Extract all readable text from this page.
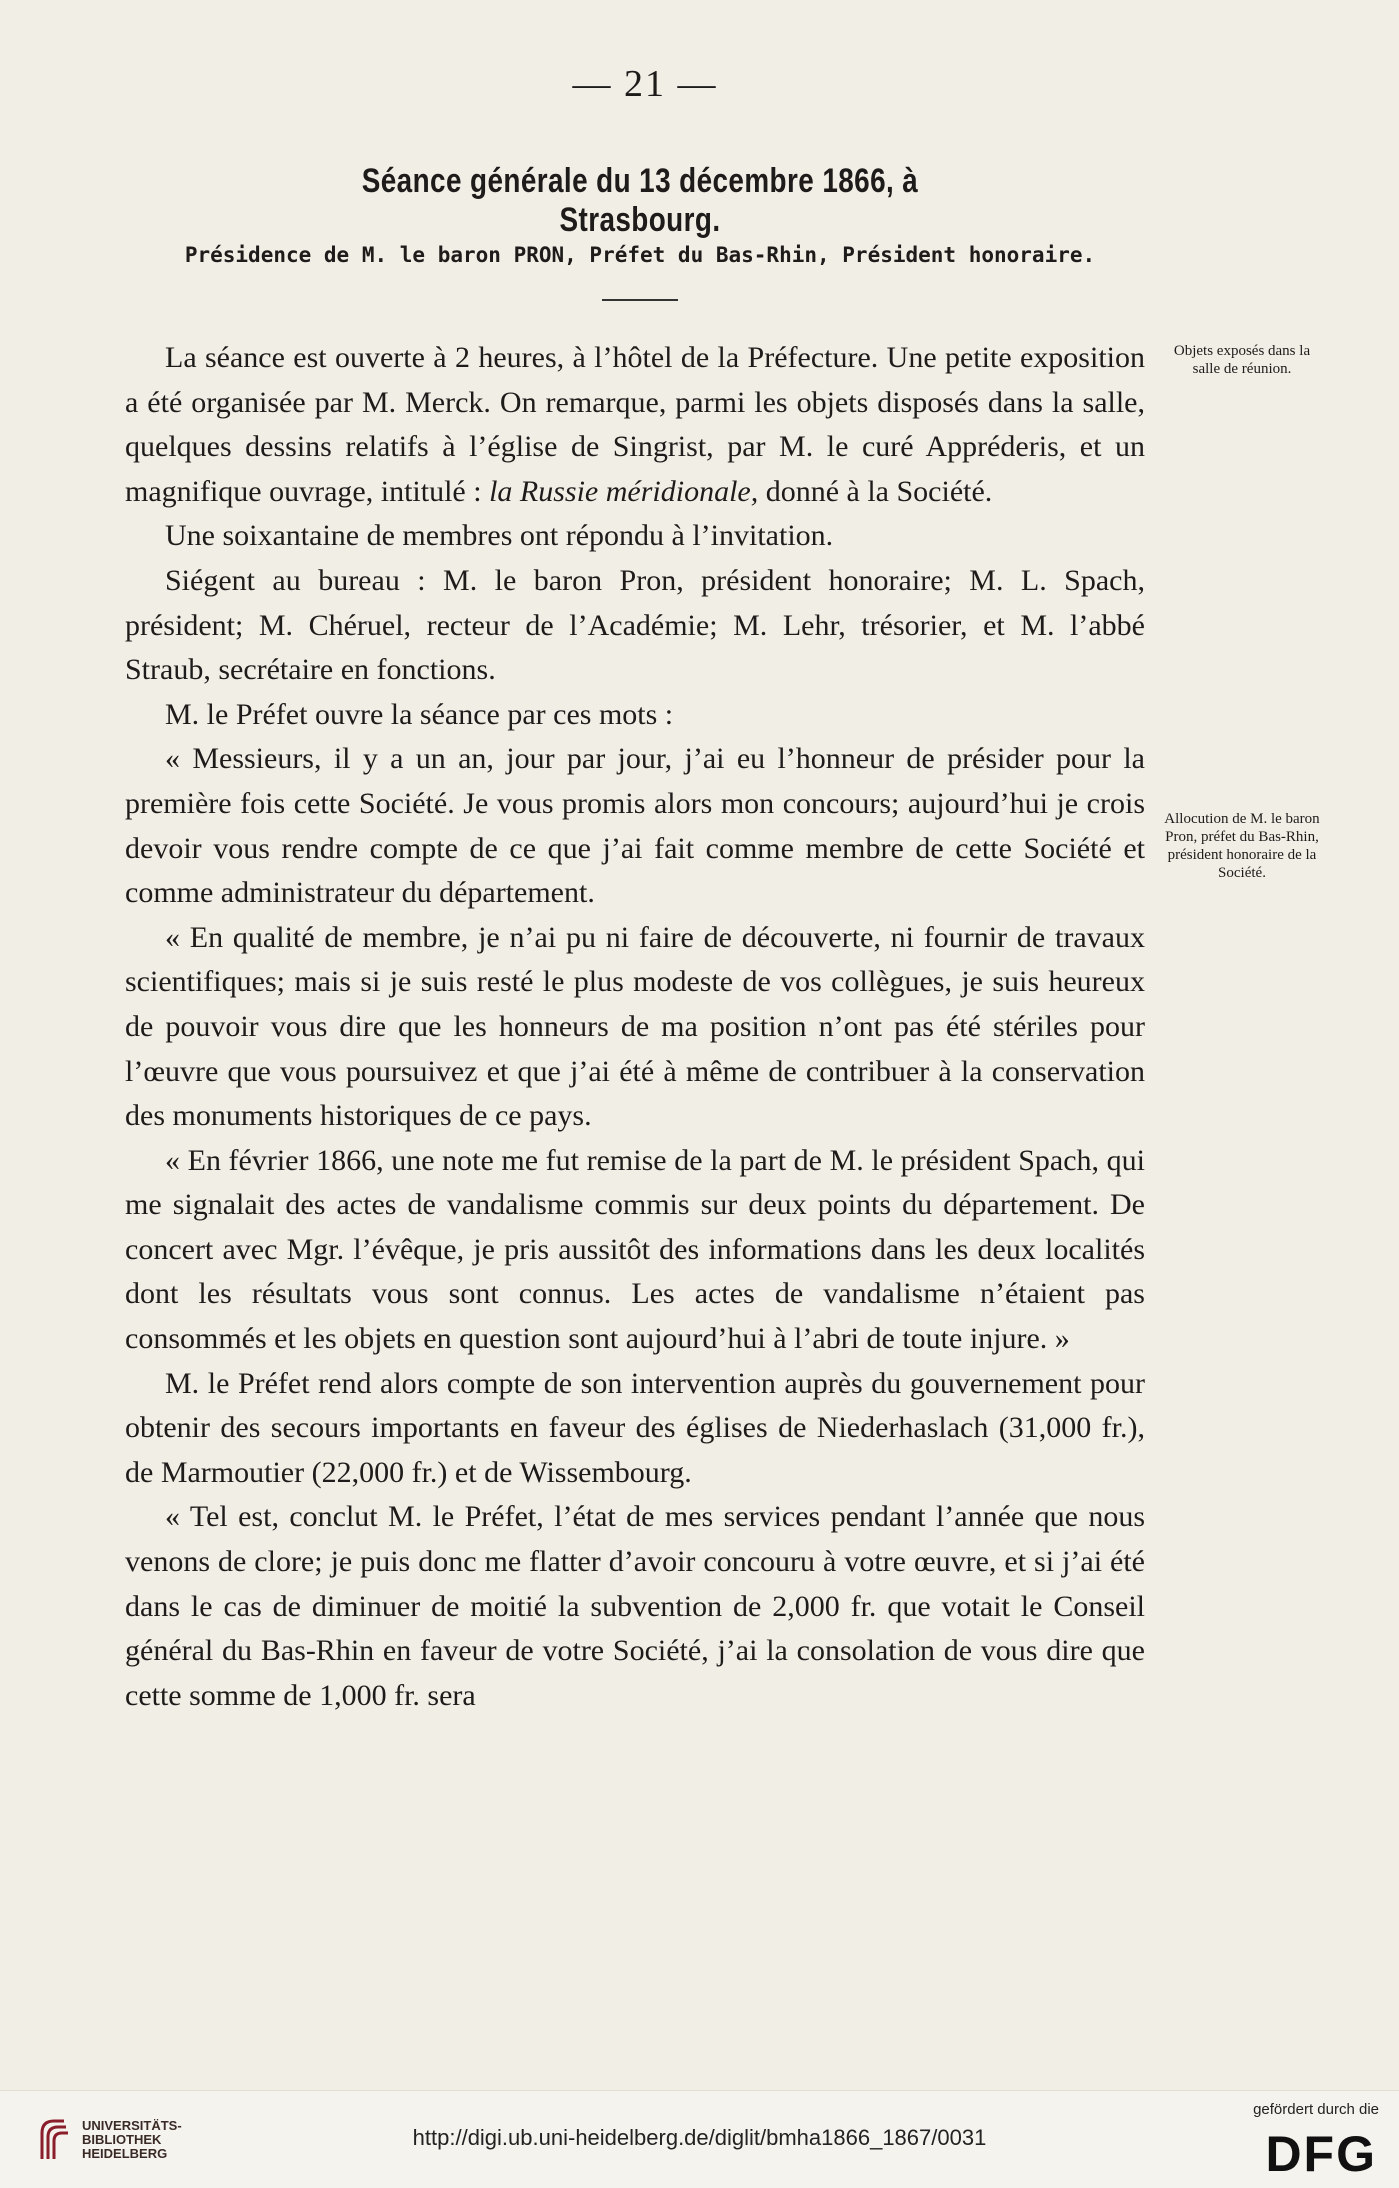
— 21 —
Séance générale du 13 décembre 1866, à Strasbourg.
Présidence de M. le baron PRON, Préfet du Bas-Rhin, Président honoraire.

La séance est ouverte à 2 heures, à l’hôtel de la Préfecture. Une petite exposition a été organisée par M. Merck. On remarque, parmi les objets disposés dans la salle, quelques dessins relatifs à l’église de Singrist, par M. le curé Appréderis, et un magnifique ouvrage, intitulé : la Russie méridionale, donné à la Société.

Une soixantaine de membres ont répondu à l’invitation.

Siégent au bureau : M. le baron Pron, président honoraire; M. L. Spach, président; M. Chéruel, recteur de l’Académie; M. Lehr, trésorier, et M. l’abbé Straub, secrétaire en fonctions.

M. le Préfet ouvre la séance par ces mots :

« Messieurs, il y a un an, jour par jour, j’ai eu l’honneur de présider pour la première fois cette Société. Je vous promis alors mon concours; aujourd’hui je crois devoir vous rendre compte de ce que j’ai fait comme membre de cette Société et comme administrateur du département.

« En qualité de membre, je n’ai pu ni faire de découverte, ni fournir de travaux scientifiques; mais si je suis resté le plus modeste de vos collègues, je suis heureux de pouvoir vous dire que les honneurs de ma position n’ont pas été stériles pour l’œuvre que vous poursuivez et que j’ai été à même de contribuer à la conservation des monuments historiques de ce pays.

« En février 1866, une note me fut remise de la part de M. le président Spach, qui me signalait des actes de vandalisme commis sur deux points du département. De concert avec Mgr. l’évêque, je pris aussitôt des informations dans les deux localités dont les résultats vous sont connus. Les actes de vandalisme n’étaient pas consommés et les objets en question sont aujourd’hui à l’abri de toute injure. »

M. le Préfet rend alors compte de son intervention auprès du gouvernement pour obtenir des secours importants en faveur des églises de Niederhaslach (31,000 fr.), de Marmoutier (22,000 fr.) et de Wissembourg.

« Tel est, conclut M. le Préfet, l’état de mes services pendant l’année que nous venons de clore; je puis donc me flatter d’avoir concouru à votre œuvre, et si j’ai été dans le cas de diminuer de moitié la subvention de 2,000 fr. que votait le Conseil général du Bas-Rhin en faveur de votre Société, j’ai la consolation de vous dire que cette somme de 1,000 fr. sera

Objets exposés dans la salle de réunion.
Allocution de M. le baron Pron, préfet du Bas-Rhin, président honoraire de la Société.
UNIVERSITÄTS-
BIBLIOTHEK
HEIDELBERG
http://digi.ub.uni-heidelberg.de/diglit/bmha1866_1867/0031
gefördert durch die
DFG
